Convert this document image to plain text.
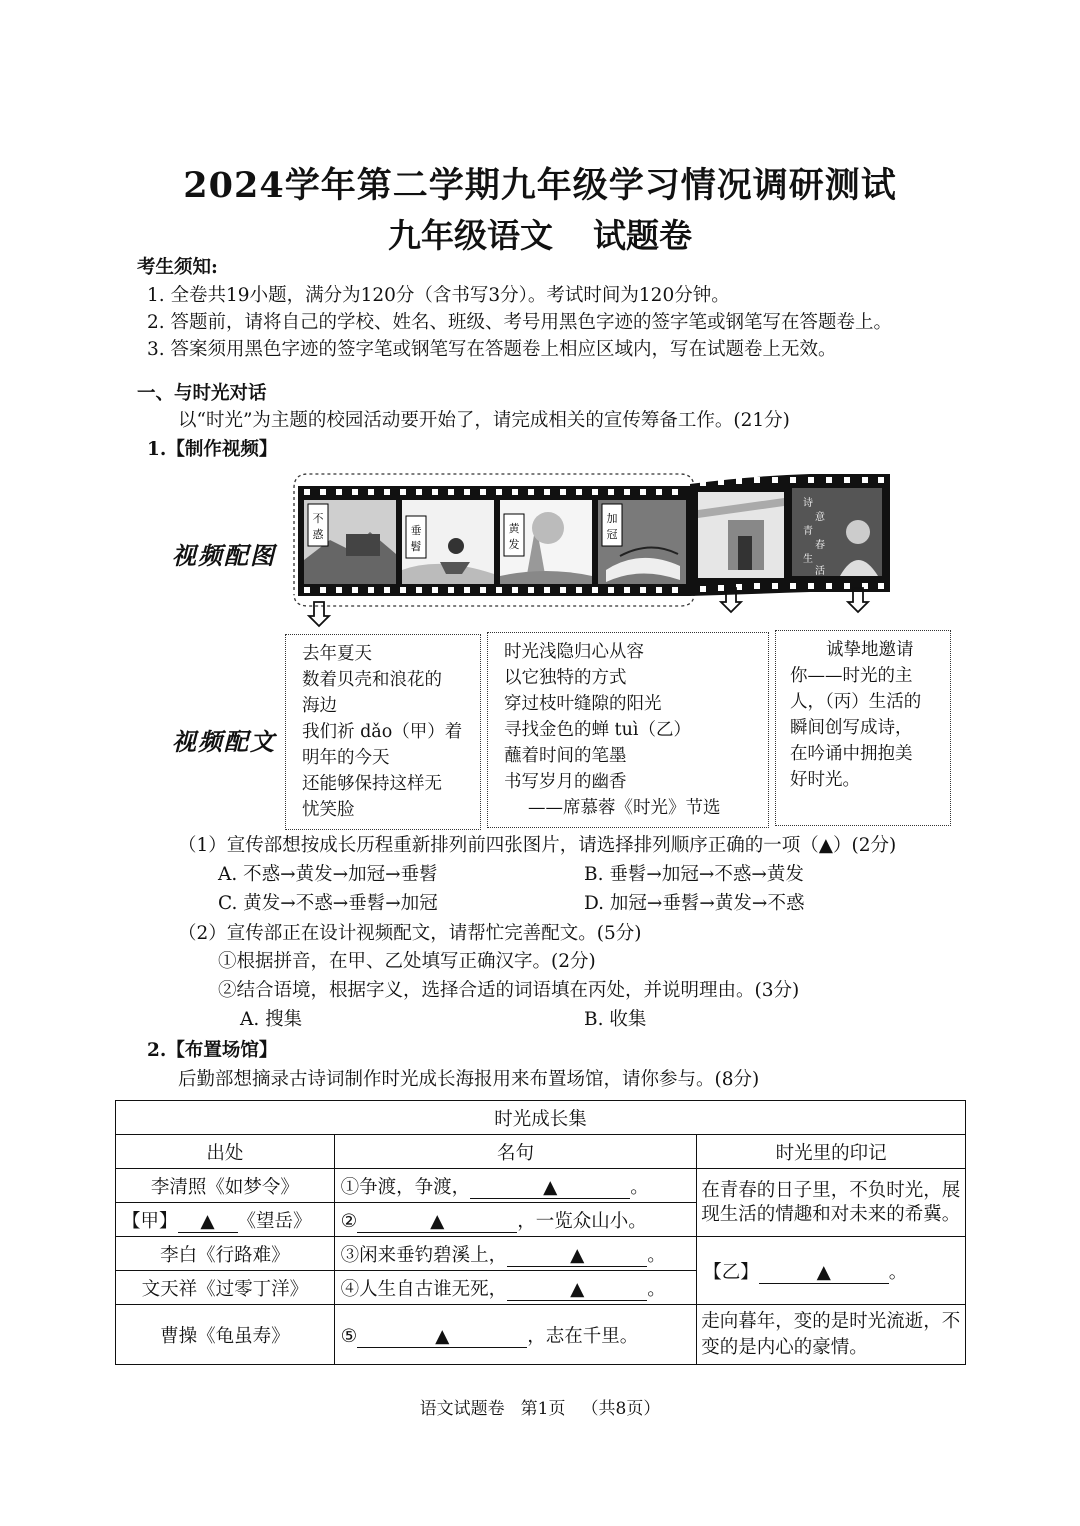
2024学年第二学期九年级学习情况调研测试
九年级语文 试题卷
考生须知:
1. 全卷共19小题，满分为120分（含书写3分）。考试时间为120分钟。
2. 答题前，请将自己的学校、姓名、班级、考号用黑色字迹的签字笔或钢笔写在答题卷上。
3. 答案须用黑色字迹的签字笔或钢笔写在答题卷上相应区域内，写在试题卷上无效。
一、与时光对话
以“时光”为主题的校园活动要开始了，请完成相关的宣传筹备工作。(21分)
1.【制作视频】
视频配图
不
惑	垂
髫
黄
发
加
冠
诗
意
青
春
生
活
视频配文
去年夏天
数着贝壳和浪花的
海边
我们祈 dǎo（甲）着
明年的今天
还能够保持这样无
忧笑脸
时光浅隐归心从容
以它独特的方式
穿过枝叶缝隙的阳光
寻找金色的蝉 tuì（乙）
蘸着时间的笔墨
书写岁月的幽香
——席慕蓉《时光》节选
诚挚地邀请
你——时光的主
人，（丙）生活的
瞬间创写成诗，
在吟诵中拥抱美
好时光。
（1）宣传部想按成长历程重新排列前四张图片，请选择排列顺序正确的一项（▲）(2分)
A. 不惑→黄发→加冠→垂髫	B. 垂髫→加冠→不惑→黄发
C. 黄发→不惑→垂髫→加冠	D. 加冠→垂髫→黄发→不惑
（2）宣传部正在设计视频配文，请帮忙完善配文。(5分)
①根据拼音，在甲、乙处填写正确汉字。(2分)
②结合语境，根据字义，选择合适的词语填在丙处，并说明理由。(3分)
A. 搜集	B. 收集
2.【布置场馆】
后勤部想摘录古诗词制作时光成长海报用来布置场馆，请你参与。(8分)
时光成长集		
出处	名句	时光里的印记
李清照《如梦令》	①争渡，争渡， ▲ 。	在青春的日子里，不负时光，展现生活的情趣和对未来的希冀。
【甲】 ▲ 《望岳》	② ▲ ，一览众山小。	
李白《行路难》	③闲来垂钓碧溪上， ▲ 。	【乙】 ▲ 。
文天祥《过零丁洋》	④人生自古谁无死， ▲ 。	
曹操《龟虽寿》	⑤ ▲ ，志在千里。	走向暮年，变的是时光流逝，不变的是内心的豪情。
语文试题卷 第1页 （共8页）
